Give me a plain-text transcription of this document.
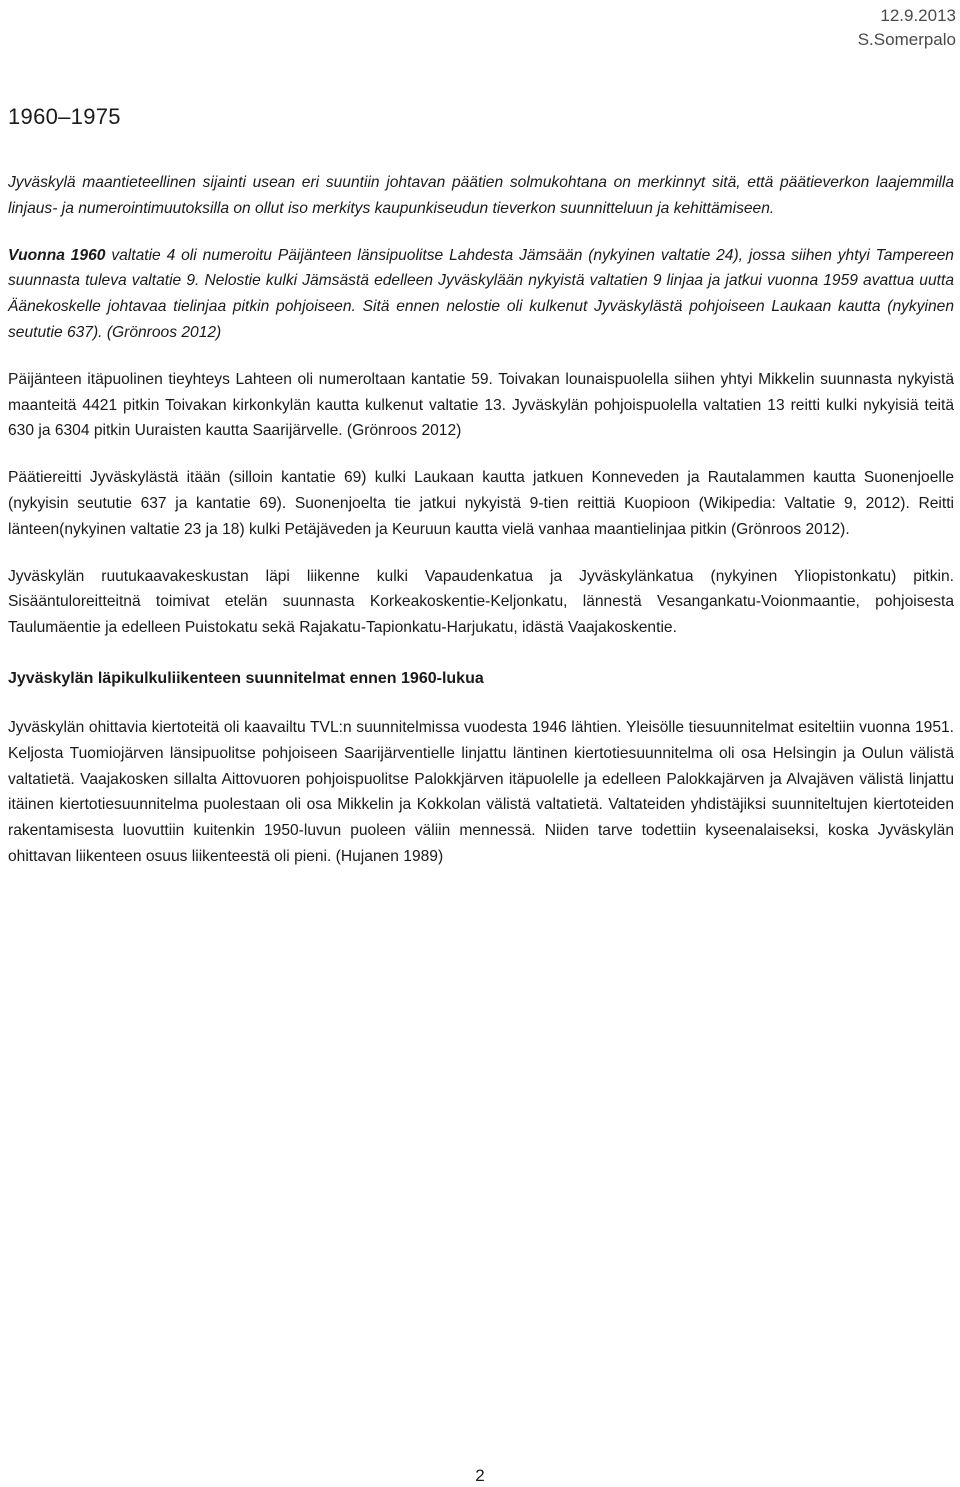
12.9.2013
S.Somerpalo
1960–1975

Jyväskylä maantieteellinen sijainti usean eri suuntiin johtavan päätien solmukohtana on merkinnyt sitä, että päätieverkon laajemmilla linjaus- ja numerointimuutoksilla on ollut iso merkitys kaupunkiseudun tieverkon suunnitteluun ja kehittämiseen.

Vuonna 1960 valtatie 4 oli numeroitu Päijänteen länsipuolitse Lahdesta Jämsään (nykyinen valtatie 24), jossa siihen yhtyi Tampereen suunnasta tuleva valtatie 9. Nelostie kulki Jämsästä edelleen Jyväskylään nykyistä valtatien 9 linjaa ja jatkui vuonna 1959 avattua uutta Äänekoskelle johtavaa tielinjaa pitkin pohjoiseen. Sitä ennen nelostie oli kulkenut Jyväskylästä pohjoiseen Laukaan kautta (nykyinen seututie 637). (Grönroos 2012)

Päijänteen itäpuolinen tieyhteys Lahteen oli numeroltaan kantatie 59. Toivakan lounaispuolella siihen yhtyi Mikkelin suunnasta nykyistä maanteitä 4421 pitkin Toivakan kirkonkylän kautta kulkenut valtatie 13. Jyväskylän pohjoispuolella valtatien 13 reitti kulki nykyisiä teitä 630 ja 6304 pitkin Uuraisten kautta Saarijärvelle. (Grönroos 2012)

Päätiereitti Jyväskylästä itään (silloin kantatie 69) kulki Laukaan kautta jatkuen Konneveden ja Rautalammen kautta Suonenjoelle (nykyisin seututie 637 ja kantatie 69). Suonenjoelta tie jatkui nykyistä 9-tien reittiä Kuopioon (Wikipedia: Valtatie 9, 2012). Reitti länteen(nykyinen valtatie 23 ja 18) kulki Petäjäveden ja Keuruun kautta vielä vanhaa maantielinjaa pitkin (Grönroos 2012).

Jyväskylän ruutukaavakeskustan läpi liikenne kulki Vapaudenkatua ja Jyväskylänkatua (nykyinen Yliopistonkatu) pitkin. Sisääntuloreitteitnä toimivat etelän suunnasta Korkeakoskentie-Keljonkatu, lännestä Vesangankatu-Voionmaantie, pohjoisesta Taulumäentie ja edelleen Puistokatu sekä Rajakatu-Tapionkatu-Harjukatu, idästä Vaajakoskentie.

Jyväskylän läpikulkuliikenteen suunnitelmat ennen 1960-lukua

Jyväskylän ohittavia kiertoteitä oli kaavailtu TVL:n suunnitelmissa vuodesta 1946 lähtien. Yleisölle tiesuunnitelmat esiteltiin vuonna 1951. Keljosta Tuomiojärven länsipuolitse pohjoiseen Saarijärventielle linjattu läntinen kiertotiesuunnitelma oli osa Helsingin ja Oulun välistä valtatietä. Vaajakosken sillalta Aittovuoren pohjoispuolitse Palokkjärven itäpuolelle ja edelleen Palokkajärven ja Alvajäven välistä linjattu itäinen kiertotiesuunnitelma puolestaan oli osa Mikkelin ja Kokkolan välistä valtatietä. Valtateiden yhdistäjiksi suunniteltujen kiertoteiden rakentamisesta luovuttiin kuitenkin 1950-luvun puoleen väliin mennessä. Niiden tarve todettiin kyseenalaiseksi, koska Jyväskylän ohittavan liikenteen osuus liikenteestä oli pieni. (Hujanen 1989)

2
